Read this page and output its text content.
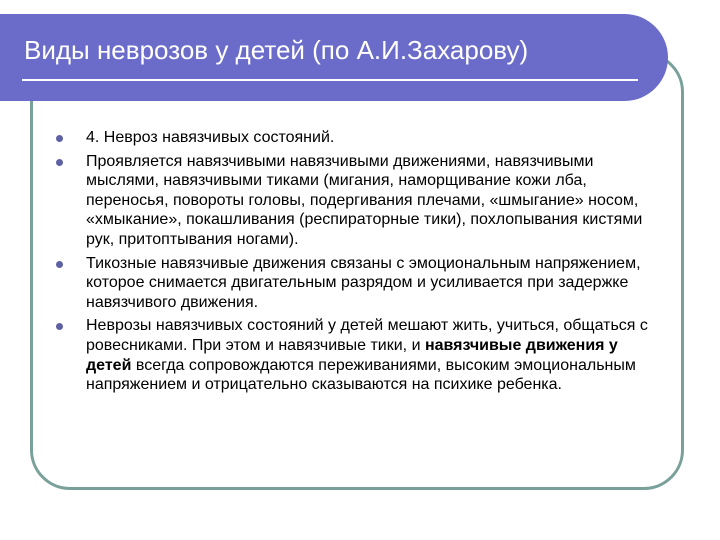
Виды неврозов у детей (по А.И.Захарову)
4. Невроз навязчивых состояний.
Проявляется навязчивыми навязчивыми движениями, навязчивыми мыслями, навязчивыми тиками (мигания, наморщивание кожи лба, переносья, повороты головы, подергивания плечами, «шмыгание» носом, «хмыкание», покашливания (респираторные тики), похлопывания кистями рук, притоптывания ногами).
Тикозные навязчивые движения связаны с эмоциональным напряжением, которое снимается двигательным разрядом и усиливается при задержке навязчивого движения.
Неврозы навязчивых состояний у детей мешают жить, учиться, общаться с ровесниками. При этом и навязчивые тики, и навязчивые движения у детей всегда сопровождаются переживаниями, высоким эмоциональным напряжением и отрицательно сказываются на психике ребенка.
